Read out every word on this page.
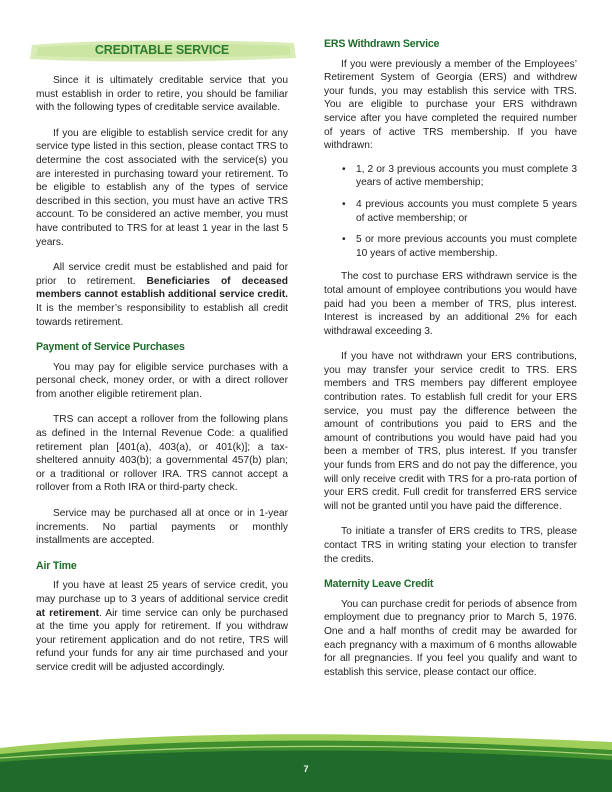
CREDITABLE SERVICE

Since it is ultimately creditable service that you must establish in order to retire, you should be familiar with the following types of creditable service available.

If you are eligible to establish service credit for any service type listed in this section, please contact TRS to determine the cost associated with the service(s) you are interested in purchasing toward your retirement. To be eligible to establish any of the types of service described in this section, you must have an active TRS account. To be considered an active member, you must have contributed to TRS for at least 1 year in the last 5 years.

All service credit must be established and paid for prior to retirement. Beneficiaries of deceased members cannot establish additional service credit. It is the member’s responsibility to establish all credit towards retirement.

Payment of Service Purchases

You may pay for eligible service purchases with a personal check, money order, or with a direct rollover from another eligible retirement plan.

TRS can accept a rollover from the following plans as defined in the Internal Revenue Code: a qualified retirement plan [401(a), 403(a), or 401(k)]; a tax-sheltered annuity 403(b); a governmental 457(b) plan; or a traditional or rollover IRA. TRS cannot accept a rollover from a Roth IRA or third-party check.

Service may be purchased all at once or in 1-year increments. No partial payments or monthly installments are accepted.

Air Time

If you have at least 25 years of service credit, you may purchase up to 3 years of additional service credit at retirement. Air time service can only be purchased at the time you apply for retirement. If you withdraw your retirement application and do not retire, TRS will refund your funds for any air time purchased and your service credit will be adjusted accordingly.

ERS Withdrawn Service

If you were previously a member of the Employees’ Retirement System of Georgia (ERS) and withdrew your funds, you may establish this service with TRS. You are eligible to purchase your ERS withdrawn service after you have completed the required number of years of active TRS membership. If you have withdrawn:

• 1, 2 or 3 previous accounts you must complete 3 years of active membership;
• 4 previous accounts you must complete 5 years of active membership; or
• 5 or more previous accounts you must complete 10 years of active membership.

The cost to purchase ERS withdrawn service is the total amount of employee contributions you would have paid had you been a member of TRS, plus interest. Interest is increased by an additional 2% for each withdrawal exceeding 3.

If you have not withdrawn your ERS contributions, you may transfer your service credit to TRS. ERS members and TRS members pay different employee contribution rates. To establish full credit for your ERS service, you must pay the difference between the amount of contributions you paid to ERS and the amount of contributions you would have paid had you been a member of TRS, plus interest. If you transfer your funds from ERS and do not pay the difference, you will only receive credit with TRS for a pro-rata portion of your ERS credit. Full credit for transferred ERS service will not be granted until you have paid the difference.

To initiate a transfer of ERS credits to TRS, please contact TRS in writing stating your election to transfer the credits.

Maternity Leave Credit

You can purchase credit for periods of absence from employment due to pregnancy prior to March 5, 1976. One and a half months of credit may be awarded for each pregnancy with a maximum of 6 months allowable for all pregnancies. If you feel you qualify and want to establish this service, please contact our office.

7
